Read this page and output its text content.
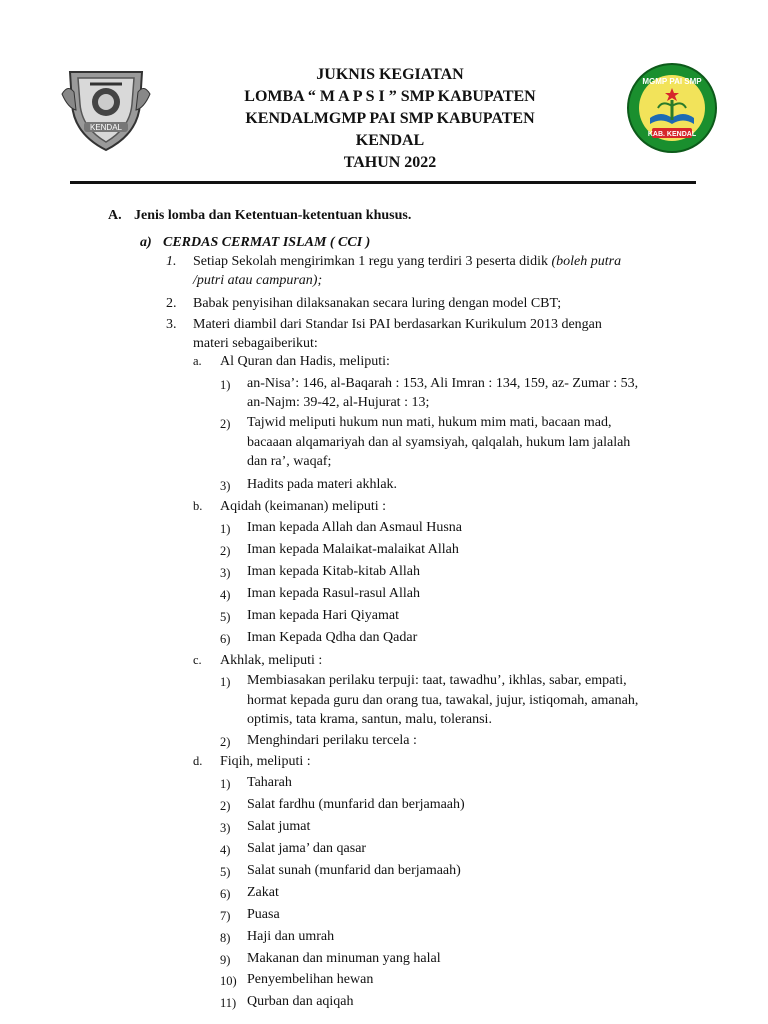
KENDAL
JUKNIS KEGIATAN
LOMBA “ M A P S I ” SMP KABUPATEN
KENDALMGMP PAI SMP KABUPATEN
KENDAL
TAHUN 2022
MGMP PAI SMP
KAB. KENDAL
A. Jenis lomba dan Ketentuan-ketentuan khusus.
a) CERDAS CERMAT ISLAM ( CCI )
1. Setiap Sekolah mengirimkan 1 regu yang terdiri 3 peserta didik (boleh putra
/putri atau campuran);
2. Babak penyisihan dilaksanakan secara luring dengan model CBT;
3. Materi diambil dari Standar Isi PAI berdasarkan Kurikulum 2013 dengan
materi sebagaiberikut:
a. Al Quran dan Hadis, meliputi:
1) an-Nisa’: 146, al-Baqarah : 153, Ali Imran : 134, 159, az- Zumar : 53,
an-Najm: 39-42, al-Hujurat : 13;
2) Tajwid meliputi hukum nun mati, hukum mim mati, bacaan mad,
bacaaan alqamariyah dan al syamsiyah, qalqalah, hukum lam jalalah
dan ra’, waqaf;
3) Hadits pada materi akhlak.
b. Aqidah (keimanan) meliputi :
1) Iman kepada Allah dan Asmaul Husna
2) Iman kepada Malaikat-malaikat Allah
3) Iman kepada Kitab-kitab Allah
4) Iman kepada Rasul-rasul Allah
5) Iman kepada Hari Qiyamat
6) Iman Kepada Qdha dan Qadar
c. Akhlak, meliputi :
1) Membiasakan perilaku terpuji: taat, tawadhu’, ikhlas, sabar, empati,
hormat kepada guru dan orang tua, tawakal, jujur, istiqomah, amanah,
optimis, tata krama, santun, malu, toleransi.
2) Menghindari perilaku tercela :
d. Fiqih, meliputi :
1) Taharah
2) Salat fardhu (munfarid dan berjamaah)
3) Salat jumat
4) Salat jama’ dan qasar
5) Salat sunah (munfarid dan berjamaah)
6) Zakat
7) Puasa
8) Haji dan umrah
9) Makanan dan minuman yang halal
10) Penyembelihan hewan
11) Qurban dan aqiqah
